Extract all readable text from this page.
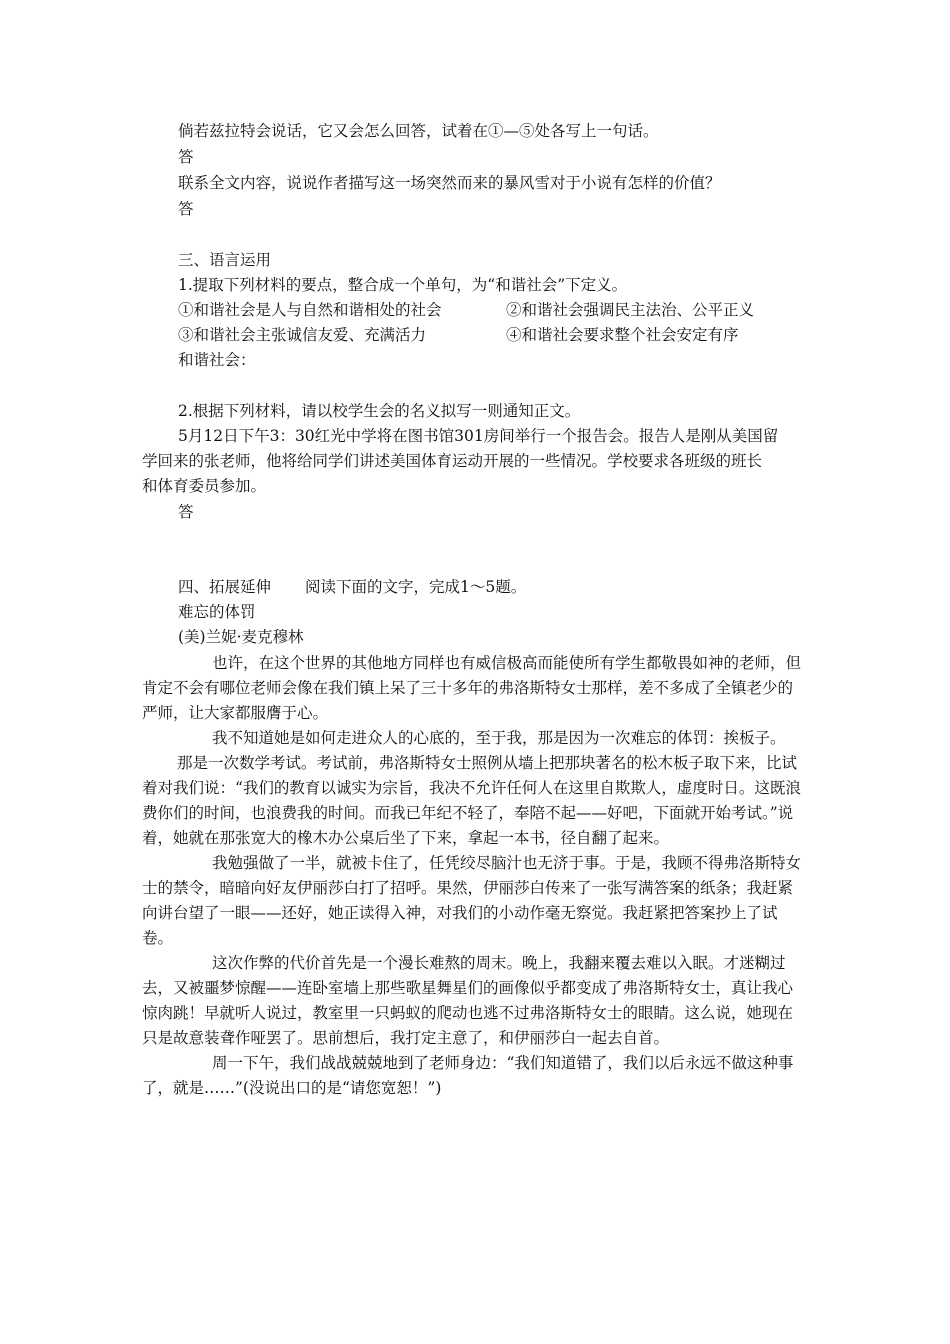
倘若兹拉特会说话，它又会怎么回答，试着在①—⑤处各写上一句话。
答
联系全文内容，说说作者描写这一场突然而来的暴风雪对于小说有怎样的价值？
答
三、语言运用
1.提取下列材料的要点，整合成一个单句，为“和谐社会”下定义。
①和谐社会是人与自然和谐相处的社会	②和谐社会强调民主法治、公平正义
③和谐社会主张诚信友爱、充满活力	④和谐社会要求整个社会安定有序
和谐社会：
2.根据下列材料，请以校学生会的名义拟写一则通知正文。
5月12日下午3：30红光中学将在图书馆301房间举行一个报告会。报告人是刚从美国留
学回来的张老师，他将给同学们讲述美国体育运动开展的一些情况。学校要求各班级的班长
和体育委员参加。
答
四、拓展延伸 阅读下面的文字，完成1～5题。
难忘的体罚
(美)兰妮·麦克穆林

也许，在这个世界的其他地方同样也有威信极高而能使所有学生都敬畏如神的老师，但肯定不会有哪位老师会像在我们镇上呆了三十多年的弗洛斯特女士那样，差不多成了全镇老少的严师，让大家都服膺于心。

我不知道她是如何走进众人的心底的，至于我，那是因为一次难忘的体罚：挨板子。

那是一次数学考试。考试前，弗洛斯特女士照例从墙上把那块著名的松木板子取下来，比试着对我们说：“我们的教育以诚实为宗旨，我决不允许任何人在这里自欺欺人，虚度时日。这既浪费你们的时间，也浪费我的时间。而我已年纪不轻了，奉陪不起——好吧，下面就开始考试。”说着，她就在那张宽大的橡木办公桌后坐了下来，拿起一本书，径自翻了起来。

我勉强做了一半，就被卡住了，任凭绞尽脑汁也无济于事。于是，我顾不得弗洛斯特女士的禁令，暗暗向好友伊丽莎白打了招呼。果然，伊丽莎白传来了一张写满答案的纸条；我赶紧向讲台望了一眼——还好，她正读得入神，对我们的小动作毫无察觉。我赶紧把答案抄上了试卷。

这次作弊的代价首先是一个漫长难熬的周末。晚上，我翻来覆去难以入眠。才迷糊过去，又被噩梦惊醒——连卧室墙上那些歌星舞星们的画像似乎都变成了弗洛斯特女士，真让我心惊肉跳！早就听人说过，教室里一只蚂蚁的爬动也逃不过弗洛斯特女士的眼睛。这么说，她现在只是故意装聋作哑罢了。思前想后，我打定主意了，和伊丽莎白一起去自首。

周一下午，我们战战兢兢地到了老师身边：“我们知道错了，我们以后永远不做这种事了，就是……”(没说出口的是“请您宽恕！”)
